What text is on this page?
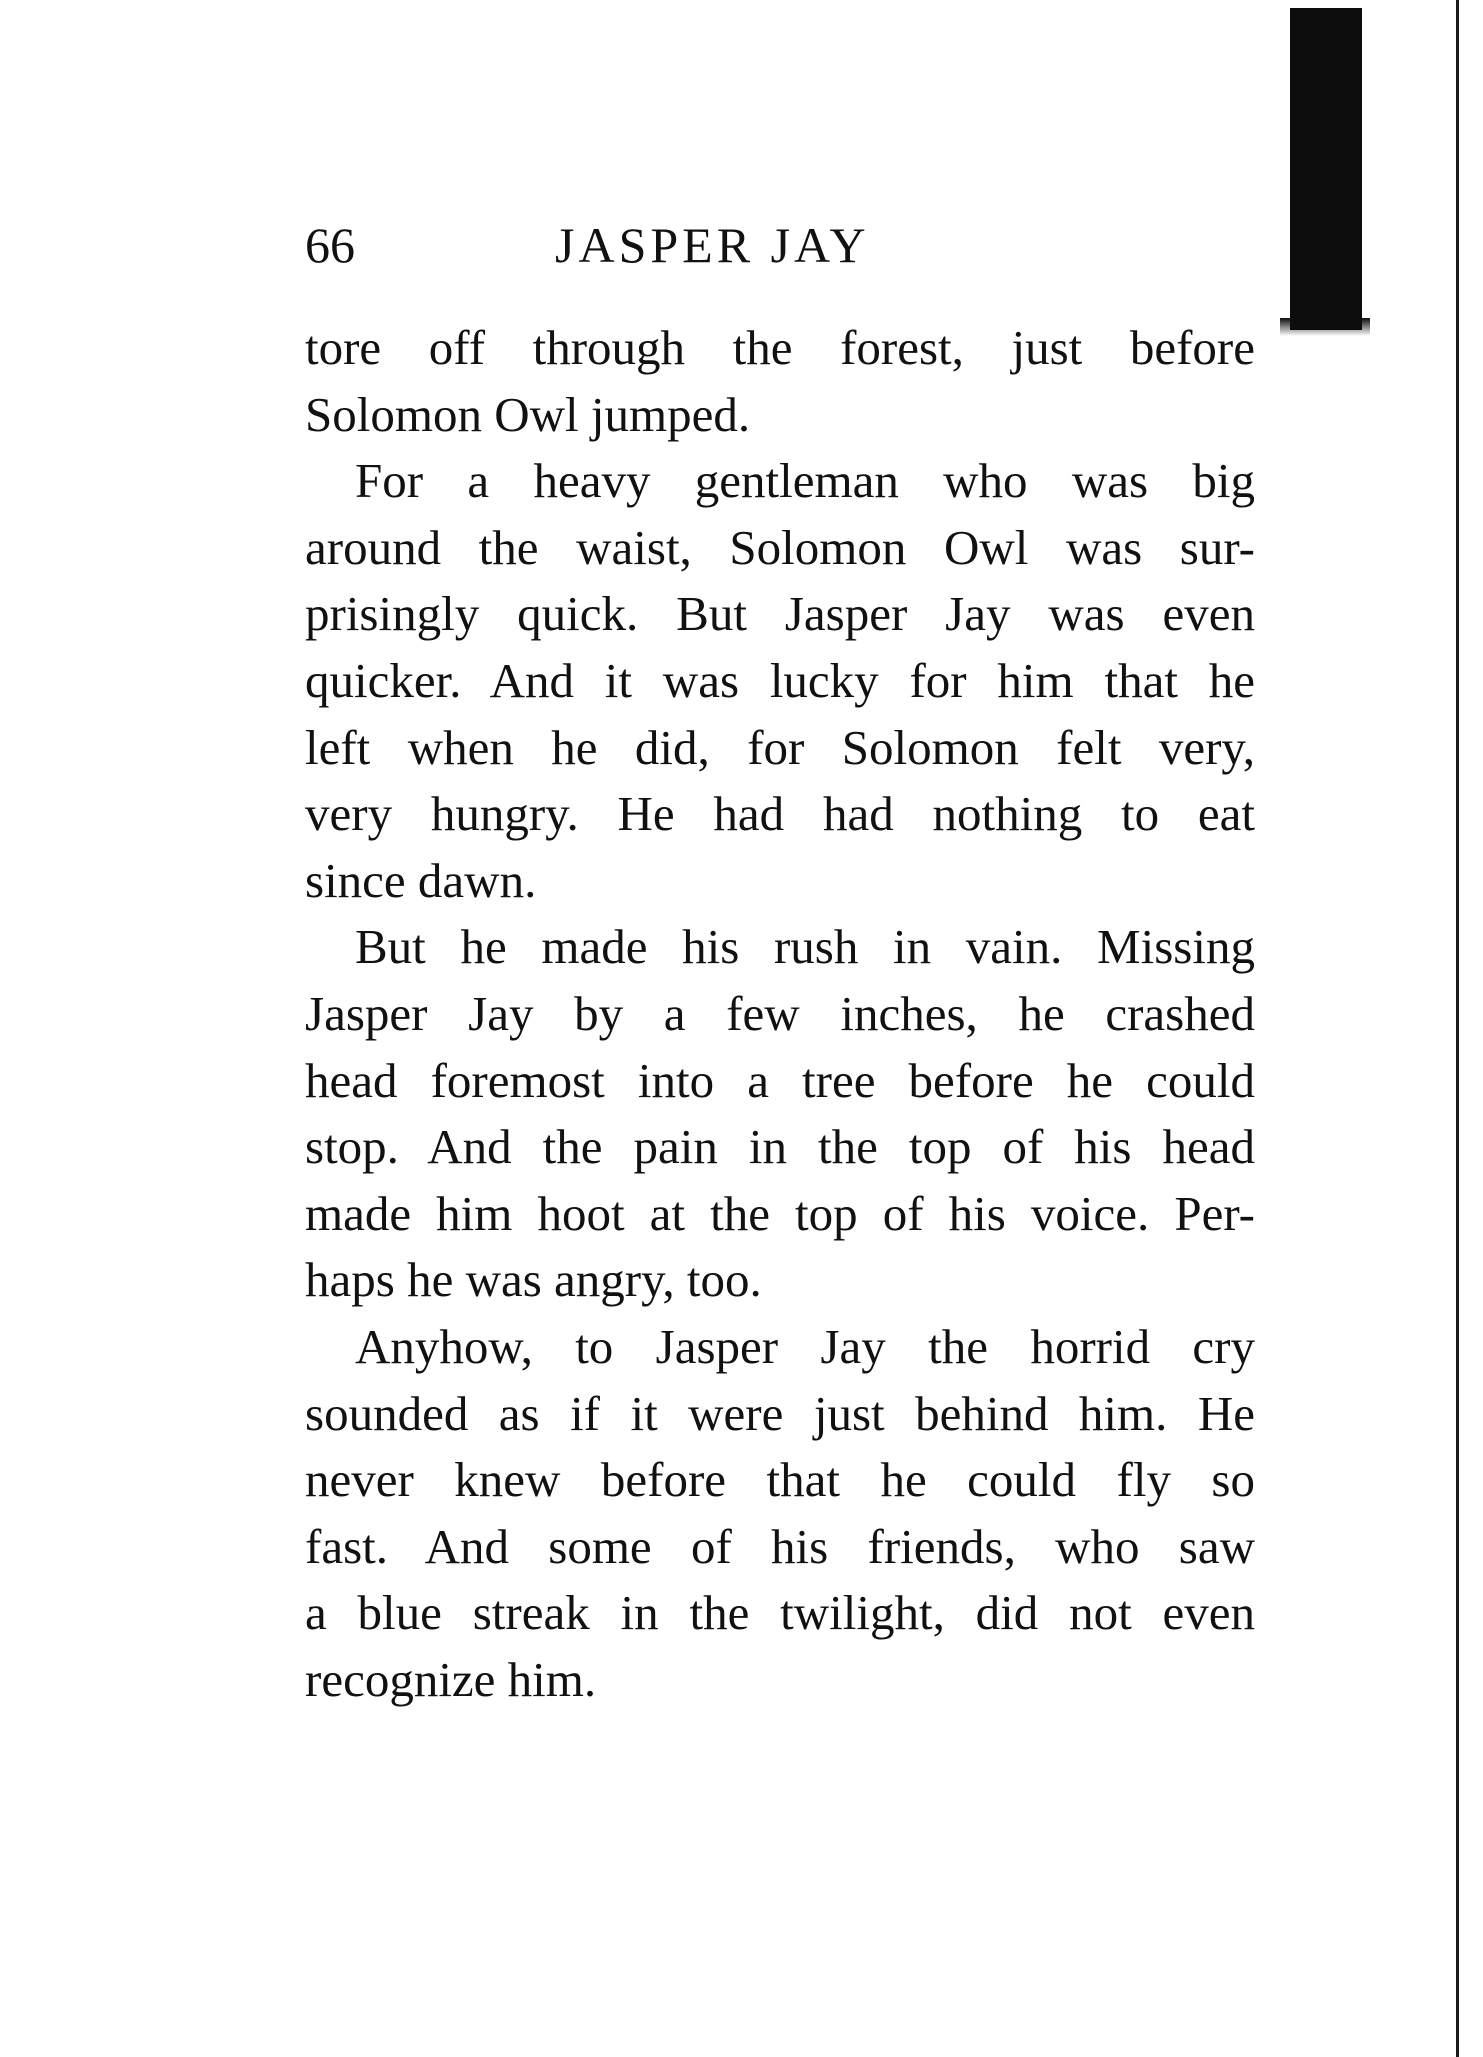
66	JASPER JAY

tore off through the forest, just before
Solomon Owl jumped.

For a heavy gentleman who was big
around the waist, Solomon Owl was sur-
prisingly quick. But Jasper Jay was even
quicker. And it was lucky for him that he
left when he did, for Solomon felt very,
very hungry. He had had nothing to eat
since dawn.

But he made his rush in vain. Missing
Jasper Jay by a few inches, he crashed
head foremost into a tree before he could
stop. And the pain in the top of his head
made him hoot at the top of his voice. Per-
haps he was angry, too.

Anyhow, to Jasper Jay the horrid cry
sounded as if it were just behind him. He
never knew before that he could fly so
fast. And some of his friends, who saw
a blue streak in the twilight, did not even
recognize him.
